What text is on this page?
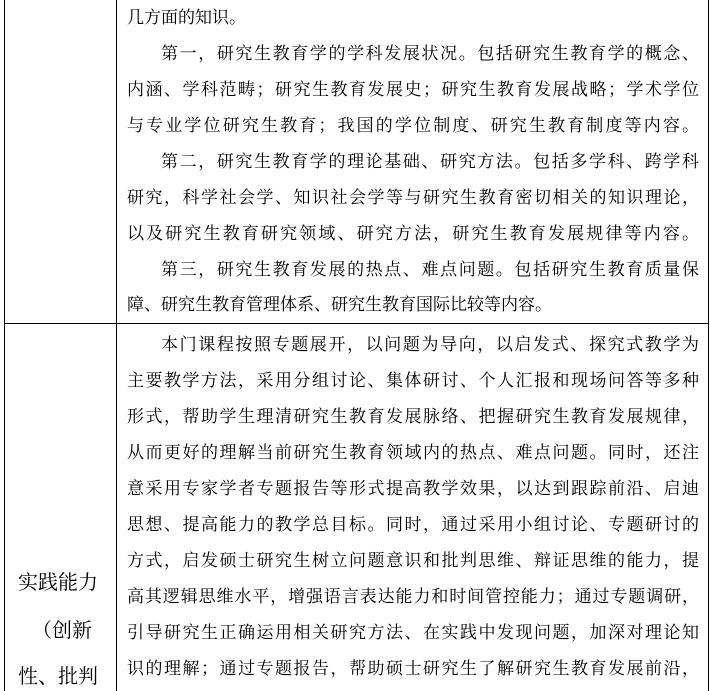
几方面的知识。
第一，研究生教育学的学科发展状况。包括研究生教育学的概念、
内涵、学科范畴；研究生教育发展史；研究生教育发展战略；学术学位
与专业学位研究生教育；我国的学位制度、研究生教育制度等内容。
第二，研究生教育学的理论基础、研究方法。包括多学科、跨学科
研究，科学社会学、知识社会学等与研究生教育密切相关的知识理论，
以及研究生教育研究领域、研究方法，研究生教育发展规律等内容。
第三，研究生教育发展的热点、难点问题。包括研究生教育质量保
障、研究生教育管理体系、研究生教育国际比较等内容。
实践能力
（创新
性、批判
本门课程按照专题展开，以问题为导向，以启发式、探究式教学为
主要教学方法，采用分组讨论、集体研讨、个人汇报和现场问答等多种
形式，帮助学生理清研究生教育发展脉络、把握研究生教育发展规律，
从而更好的理解当前研究生教育领域内的热点、难点问题。同时，还注
意采用专家学者专题报告等形式提高教学效果，以达到跟踪前沿、启迪
思想、提高能力的教学总目标。同时，通过采用小组讨论、专题研讨的
方式，启发硕士研究生树立问题意识和批判思维、辩证思维的能力，提
高其逻辑思维水平，增强语言表达能力和时间管控能力；通过专题调研，
引导研究生正确运用相关研究方法、在实践中发现问题，加深对理论知
识的理解；通过专题报告，帮助硕士研究生了解研究生教育发展前沿，
